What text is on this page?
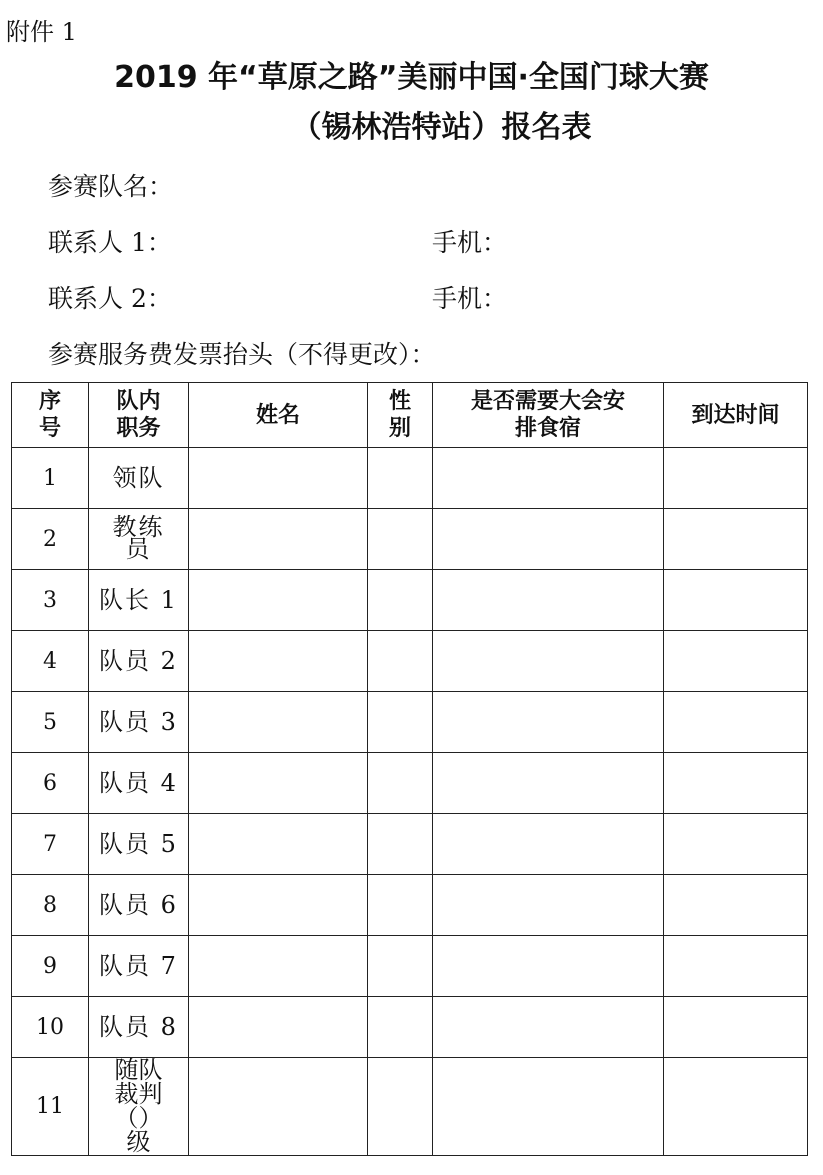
附件 1
2019 年“草原之路”美丽中国·全国门球大赛
（锡林浩特站）报名表
参赛队名：
联系人 1：	手机：
联系人 2：	手机：
参赛服务费发票抬头（不得更改）：
序号	队内职务	姓名	性别	是否需要大会安排食宿	到达时间
1	领队				
2	教练员				
3	队长 1				
4	队员 2				
5	队员 3				
6	队员 4				
7	队员 5				
8	队员 6				
9	队员 7				
10	队员 8				
11	随队裁判（）级				
